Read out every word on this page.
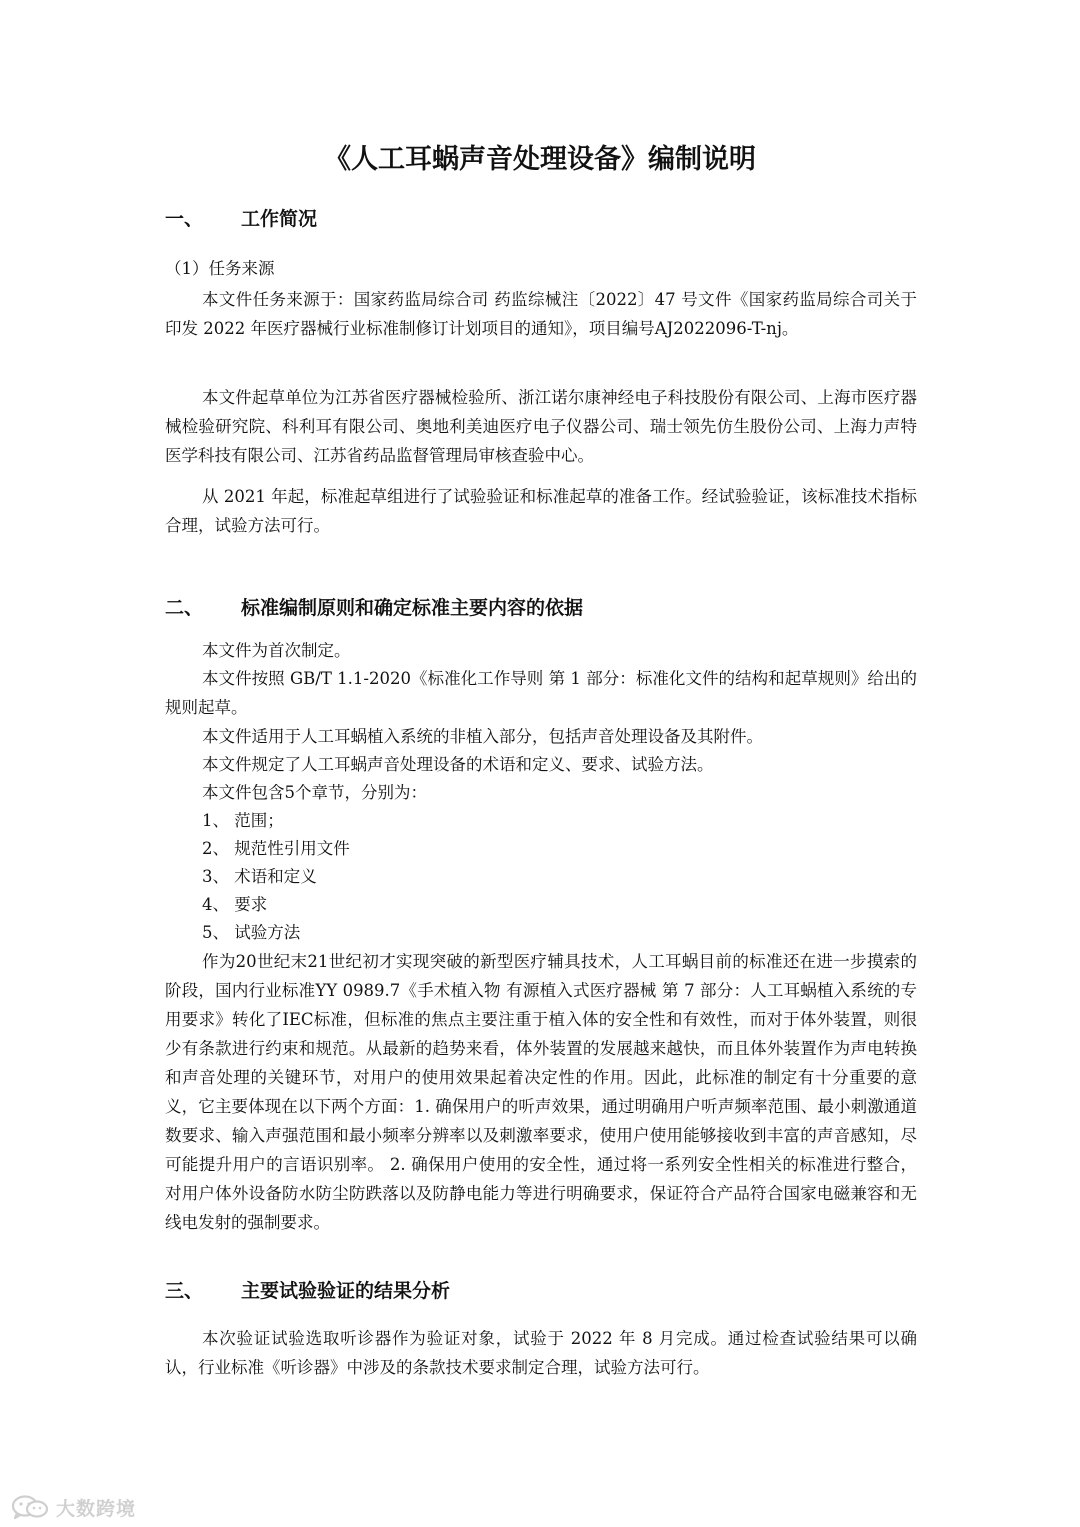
《人工耳蜗声音处理设备》编制说明
一、 工作简况

（1）任务来源

本文件任务来源于：国家药监局综合司 药监综械注〔2022〕47 号文件《国家药监局综合司关于印发 2022 年医疗器械行业标准制修订计划项目的通知》，项目编号AJ2022096-T-nj。

本文件起草单位为江苏省医疗器械检验所、浙江诺尔康神经电子科技股份有限公司、上海市医疗器械检验研究院、科利耳有限公司、奥地利美迪医疗电子仪器公司、瑞士领先仿生股份公司、上海力声特医学科技有限公司、江苏省药品监督管理局审核查验中心。

从 2021 年起，标准起草组进行了试验验证和标准起草的准备工作。经试验验证，该标准技术指标合理，试验方法可行。

二、 标准编制原则和确定标准主要内容的依据

本文件为首次制定。

本文件按照 GB/T 1.1-2020《标准化工作导则 第 1 部分：标准化文件的结构和起草规则》给出的规则起草。

本文件适用于人工耳蜗植入系统的非植入部分，包括声音处理设备及其附件。

本文件规定了人工耳蜗声音处理设备的术语和定义、要求、试验方法。

本文件包含5个章节，分别为：

1、 范围；

2、 规范性引用文件

3、 术语和定义

4、 要求

5、 试验方法

作为20世纪末21世纪初才实现突破的新型医疗辅具技术，人工耳蜗目前的标准还在进一步摸索的阶段，国内行业标准YY 0989.7《手术植入物 有源植入式医疗器械 第 7 部分：人工耳蜗植入系统的专用要求》转化了IEC标准，但标准的焦点主要注重于植入体的安全性和有效性，而对于体外装置，则很少有条款进行约束和规范。从最新的趋势来看，体外装置的发展越来越快，而且体外装置作为声电转换和声音处理的关键环节，对用户的使用效果起着决定性的作用。因此，此标准的制定有十分重要的意义，它主要体现在以下两个方面：1. 确保用户的听声效果，通过明确用户听声频率范围、最小刺激通道数要求、输入声强范围和最小频率分辨率以及刺激率要求，使用户使用能够接收到丰富的声音感知，尽可能提升用户的言语识别率。 2. 确保用户使用的安全性，通过将一系列安全性相关的标准进行整合，对用户体外设备防水防尘防跌落以及防静电能力等进行明确要求，保证符合产品符合国家电磁兼容和无线电发射的强制要求。

三、 主要试验验证的结果分析

本次验证试验选取听诊器作为验证对象，试验于 2022 年 8 月完成。通过检查试验结果可以确认，行业标准《听诊器》中涉及的条款技术要求制定合理，试验方法可行。

大数跨境
